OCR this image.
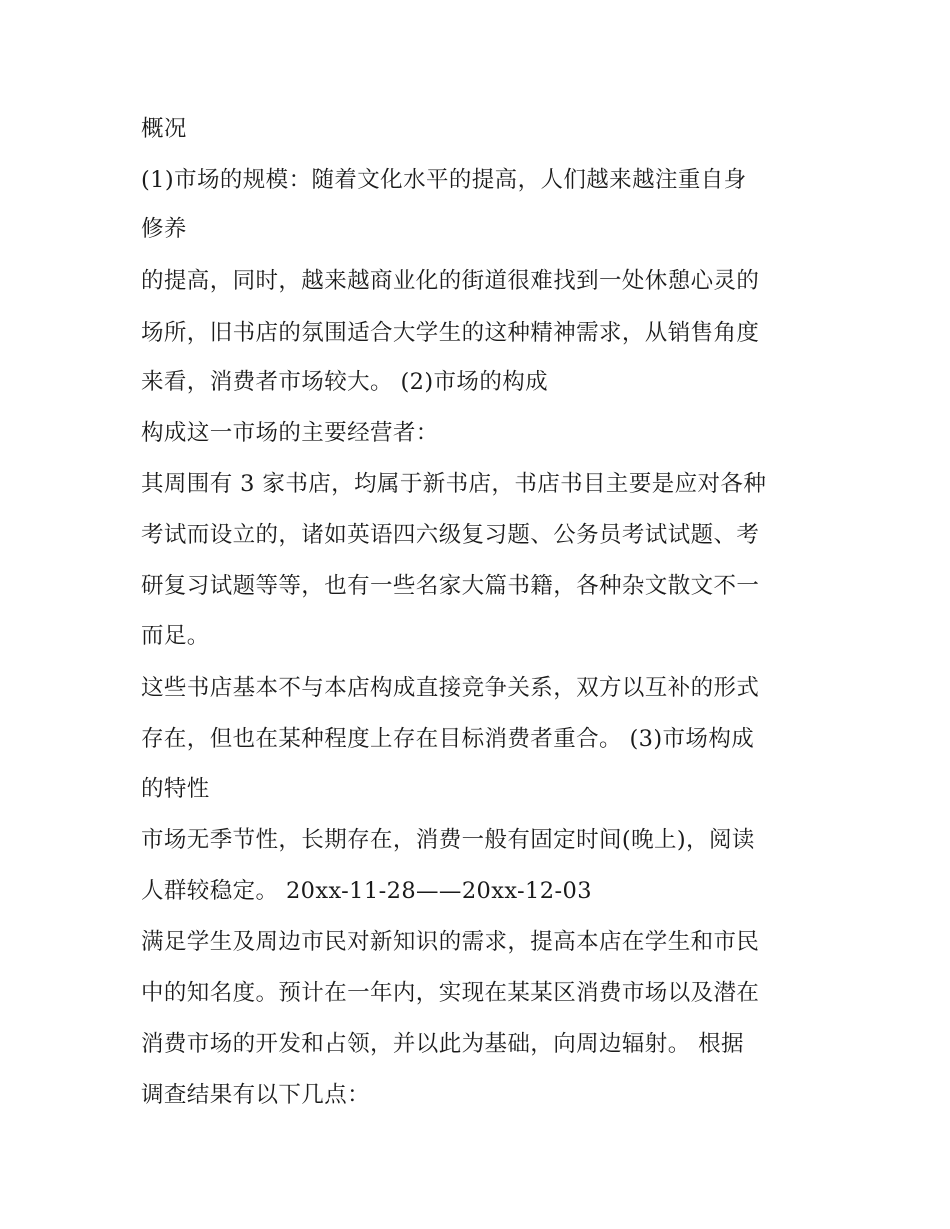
概况

(1)市场的规模：随着文化水平的提高，人们越来越注重自身

修养

的提高，同时，越来越商业化的街道很难找到一处休憩心灵的

场所，旧书店的氛围适合大学生的这种精神需求，从销售角度

来看，消费者市场较大。 (2)市场的构成

构成这一市场的主要经营者：

其周围有 3 家书店，均属于新书店，书店书目主要是应对各种

考试而设立的，诸如英语四六级复习题、公务员考试试题、考

研复习试题等等，也有一些名家大篇书籍，各种杂文散文不一

而足。

这些书店基本不与本店构成直接竞争关系，双方以互补的形式

存在，但也在某种程度上存在目标消费者重合。 (3)市场构成

的特性

市场无季节性，长期存在，消费一般有固定时间(晚上)，阅读

人群较稳定。 20xx-11-28——20xx-12-03

满足学生及周边市民对新知识的需求，提高本店在学生和市民

中的知名度。预计在一年内，实现在某某区消费市场以及潜在

消费市场的开发和占领，并以此为基础，向周边辐射。 根据

调查结果有以下几点：
